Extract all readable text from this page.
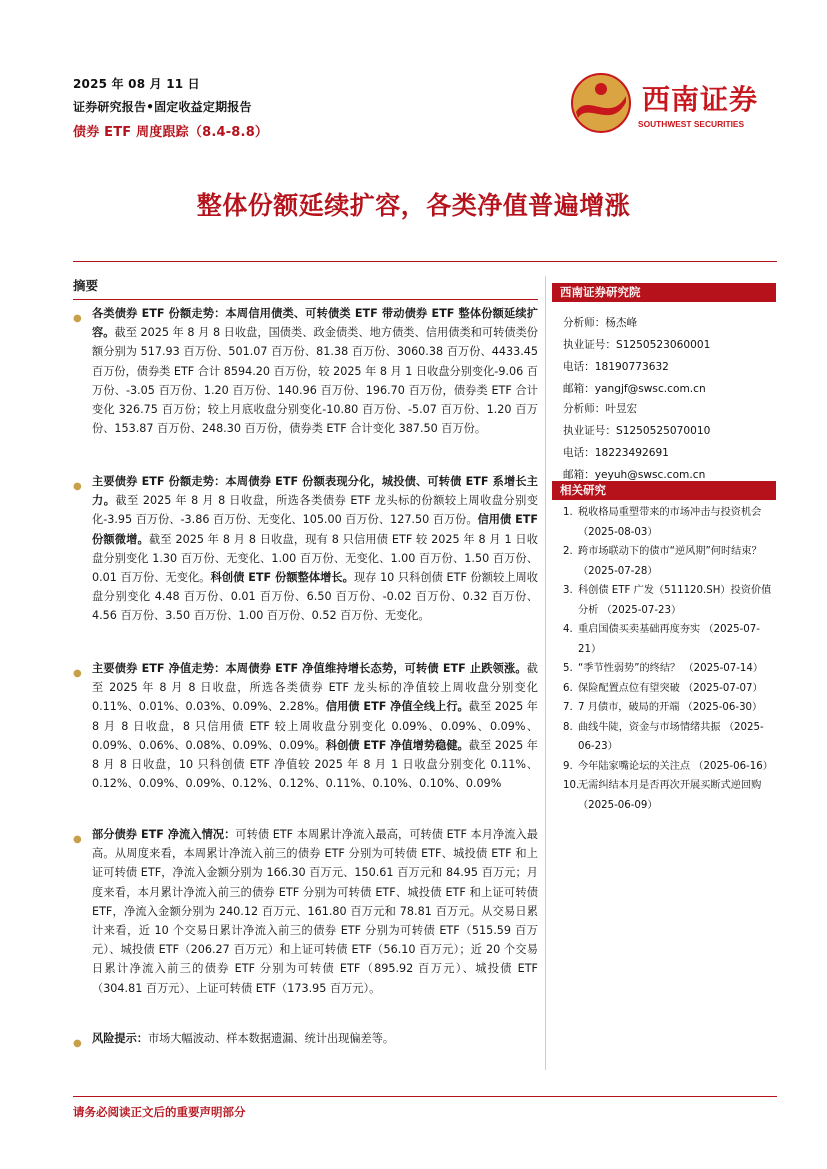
2025 年 08 月 11 日
证券研究报告•固定收益定期报告
债券 ETF 周度跟踪（8.4-8.8）
西南证券
SOUTHWEST SECURITIES
整体份额延续扩容，各类净值普遍增涨
摘要
● 各类债券 ETF 份额走势：本周信用债类、可转债类 ETF 带动债券 ETF 整体份额延续扩容。截至 2025 年 8 月 8 日收盘，国债类、政金债类、地方债类、信用债类和可转债类份额分别为 517.93 百万份、501.07 百万份、81.38 百万份、3060.38 百万份、4433.45 百万份，债券类 ETF 合计 8594.20 百万份，较 2025 年 8 月 1 日收盘分别变化-9.06 百万份、-3.05 百万份、1.20 百万份、140.96 百万份、196.70 百万份，债券类 ETF 合计变化 326.75 百万份；较上月底收盘分别变化-10.80 百万份、-5.07 百万份、1.20 百万份、153.87 百万份、248.30 百万份，债券类 ETF 合计变化 387.50 百万份。

● 主要债券 ETF 份额走势：本周债券 ETF 份额表现分化，城投债、可转债 ETF 系增长主力。截至 2025 年 8 月 8 日收盘，所选各类债券 ETF 龙头标的份额较上周收盘分别变化-3.95 百万份、-3.86 百万份、无变化、105.00 百万份、127.50 百万份。信用债 ETF 份额微增。截至 2025 年 8 月 8 日收盘，现有 8 只信用债 ETF 较 2025 年 8 月 1 日收盘分别变化 1.30 百万份、无变化、1.00 百万份、无变化、1.00 百万份、1.50 百万份、0.01 百万份、无变化。科创债 ETF 份额整体增长。现存 10 只科创债 ETF 份额较上周收盘分别变化 4.48 百万份、0.01 百万份、6.50 百万份、-0.02 百万份、0.32 百万份、4.56 百万份、3.50 百万份、1.00 百万份、0.52 百万份、无变化。

● 主要债券 ETF 净值走势：本周债券 ETF 净值维持增长态势，可转债 ETF 止跌领涨。截至 2025 年 8 月 8 日收盘，所选各类债券 ETF 龙头标的净值较上周收盘分别变化 0.11%、0.01%、0.03%、0.09%、2.28%。信用债 ETF 净值全线上行。截至 2025 年 8 月 8 日收盘，8 只信用债 ETF 较上周收盘分别变化 0.09%、0.09%、0.09%、0.09%、0.06%、0.08%、0.09%、0.09%。科创债 ETF 净值增势稳健。截至 2025 年 8 月 8 日收盘，10 只科创债 ETF 净值较 2025 年 8 月 1 日收盘分别变化 0.11%、0.12%、0.09%、0.09%、0.12%、0.12%、0.11%、0.10%、0.10%、0.09%

● 部分债券 ETF 净流入情况：可转债 ETF 本周累计净流入最高，可转债 ETF 本月净流入最高。从周度来看，本周累计净流入前三的债券 ETF 分别为可转债 ETF、城投债 ETF 和上证可转债 ETF，净流入金额分别为 166.30 百万元、150.61 百万元和 84.95 百万元；月度来看，本月累计净流入前三的债券 ETF 分别为可转债 ETF、城投债 ETF 和上证可转债 ETF，净流入金额分别为 240.12 百万元、161.80 百万元和 78.81 百万元。从交易日累计来看，近 10 个交易日累计净流入前三的债券 ETF 分别为可转债 ETF（515.59 百万元）、城投债 ETF（206.27 百万元）和上证可转债 ETF（56.10 百万元）；近 20 个交易日累计净流入前三的债券 ETF 分别为可转债 ETF（895.92 百万元）、城投债 ETF（304.81 百万元）、上证可转债 ETF（173.95 百万元）。

● 风险提示：市场大幅波动、样本数据遗漏、统计出现偏差等。

西南证券研究院
分析师：杨杰峰
执业证号：S1250523060001
电话：18190773632
邮箱：yangjf@swsc.com.cn
分析师：叶昱宏
执业证号：S1250525070010
电话：18223492691
邮箱：yeyuh@swsc.com.cn
相关研究
1. 税收格局重塑带来的市场冲击与投资机会 （2025-08-03）
2. 跨市场联动下的债市“逆风期”何时结束？ （2025-07-28）
3. 科创债 ETF 广发（511120.SH）投资价值分析 （2025-07-23）
4. 重启国债买卖基础再度夯实 （2025-07-21）
5. “季节性弱势”的终结？ （2025-07-14）
6. 保险配置点位有望突破 （2025-07-07）
7. 7 月债市，破局的开端 （2025-06-30）
8. 曲线牛陡，资金与市场情绪共振 （2025-06-23）
9. 今年陆家嘴论坛的关注点 （2025-06-16）
10.
无需纠结本月是否再次开展买断式逆回购 （2025-06-09）
请务必阅读正文后的重要声明部分
